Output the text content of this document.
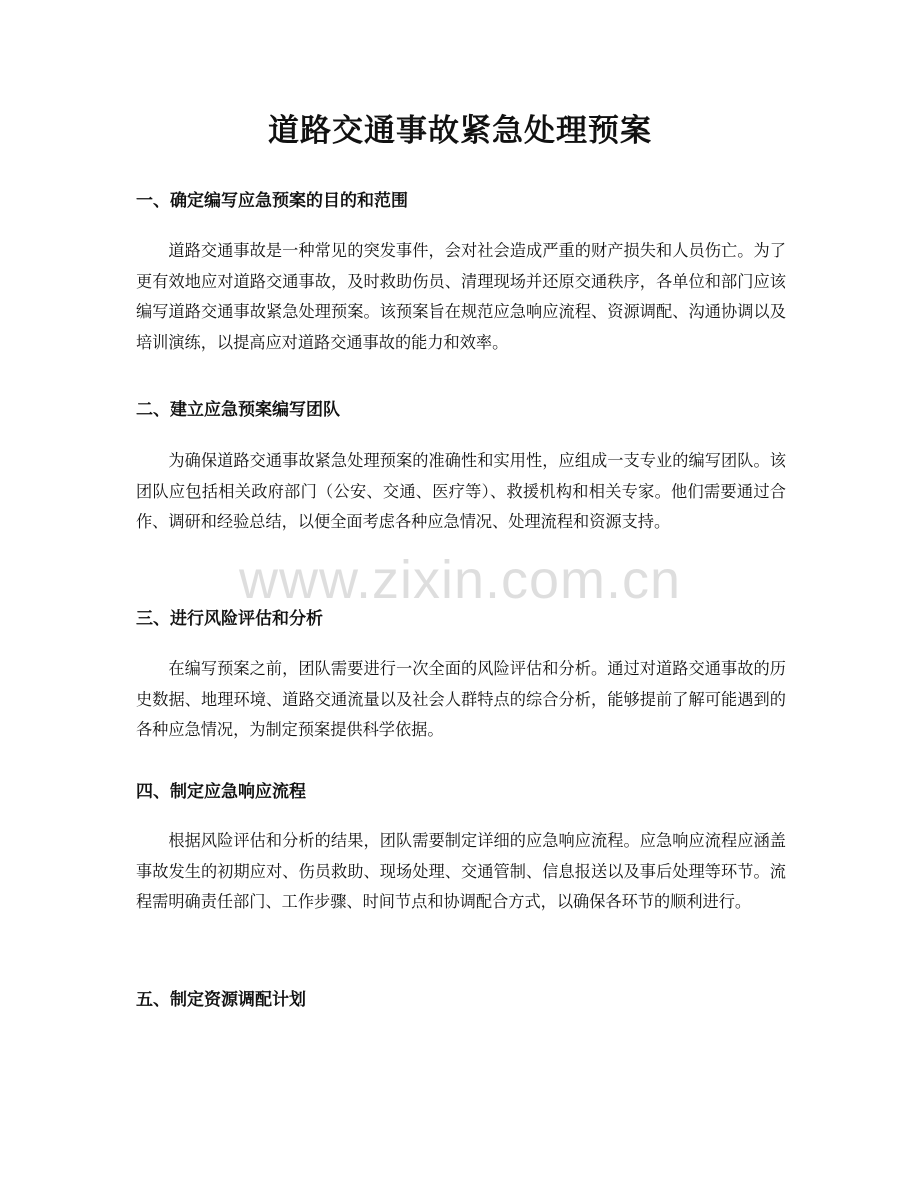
道路交通事故紧急处理预案
一、确定编写应急预案的目的和范围

道路交通事故是一种常见的突发事件，会对社会造成严重的财产损失和人员伤亡。为了更有效地应对道路交通事故，及时救助伤员、清理现场并还原交通秩序，各单位和部门应该编写道路交通事故紧急处理预案。该预案旨在规范应急响应流程、资源调配、沟通协调以及培训演练，以提高应对道路交通事故的能力和效率。

二、建立应急预案编写团队

为确保道路交通事故紧急处理预案的准确性和实用性，应组成一支专业的编写团队。该团队应包括相关政府部门（公安、交通、医疗等）、救援机构和相关专家。他们需要通过合作、调研和经验总结，以便全面考虑各种应急情况、处理流程和资源支持。

三、进行风险评估和分析

在编写预案之前，团队需要进行一次全面的风险评估和分析。通过对道路交通事故的历史数据、地理环境、道路交通流量以及社会人群特点的综合分析，能够提前了解可能遇到的各种应急情况，为制定预案提供科学依据。

四、制定应急响应流程

根据风险评估和分析的结果，团队需要制定详细的应急响应流程。应急响应流程应涵盖事故发生的初期应对、伤员救助、现场处理、交通管制、信息报送以及事后处理等环节。流程需明确责任部门、工作步骤、时间节点和协调配合方式，以确保各环节的顺利进行。

五、制定资源调配计划
www.zixin.com.cn
